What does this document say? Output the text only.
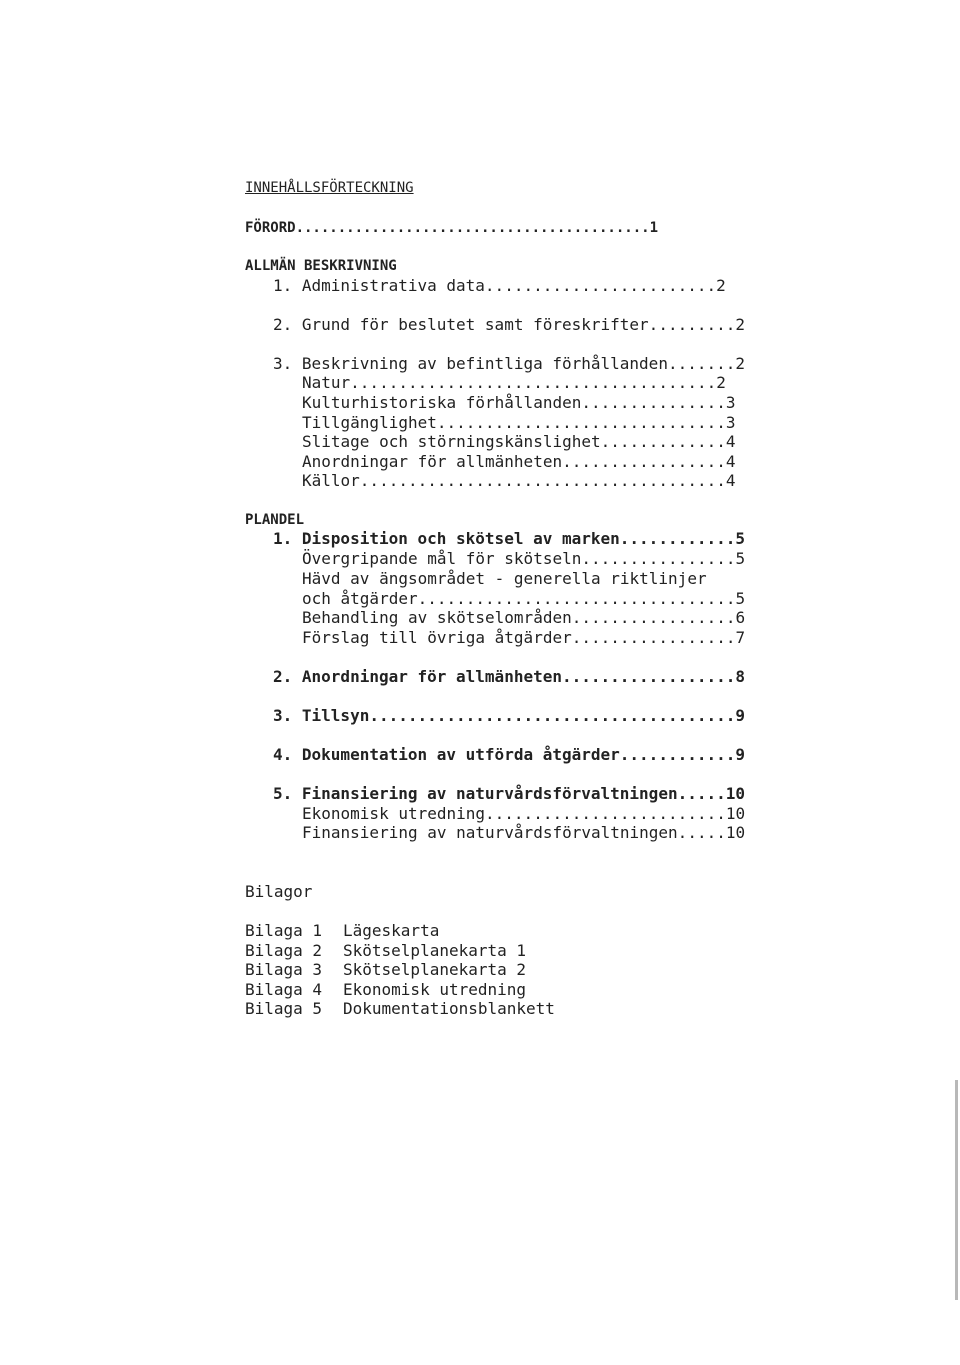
INNEHÅLLSFÖRTECKNING
FÖRORD..........................................1
ALLMÄN BESKRIVNING
1. Administrativa data........................2
2. Grund för beslutet samt föreskrifter.........2
3. Beskrivning av befintliga förhållanden.......2
Natur......................................2
Kulturhistoriska förhållanden...............3
Tillgänglighet..............................3
Slitage och störningskänslighet.............4
Anordningar för allmänheten.................4
Källor......................................4
PLANDEL
1. Disposition och skötsel av marken............5
Övergripande mål för skötseln................5
Hävd av ängsområdet - generella riktlinjer
och åtgärder.................................5
Behandling av skötselområden.................6
Förslag till övriga åtgärder.................7
2. Anordningar för allmänheten..................8
3. Tillsyn......................................9
4. Dokumentation av utförda åtgärder............9
5. Finansiering av naturvårdsförvaltningen.....10
Ekonomisk utredning.........................10
Finansiering av naturvårdsförvaltningen.....10
Bilagor
Bilaga 1 Lägeskarta
Bilaga 2 Skötselplanekarta 1
Bilaga 3 Skötselplanekarta 2
Bilaga 4 Ekonomisk utredning
Bilaga 5 Dokumentationsblankett
